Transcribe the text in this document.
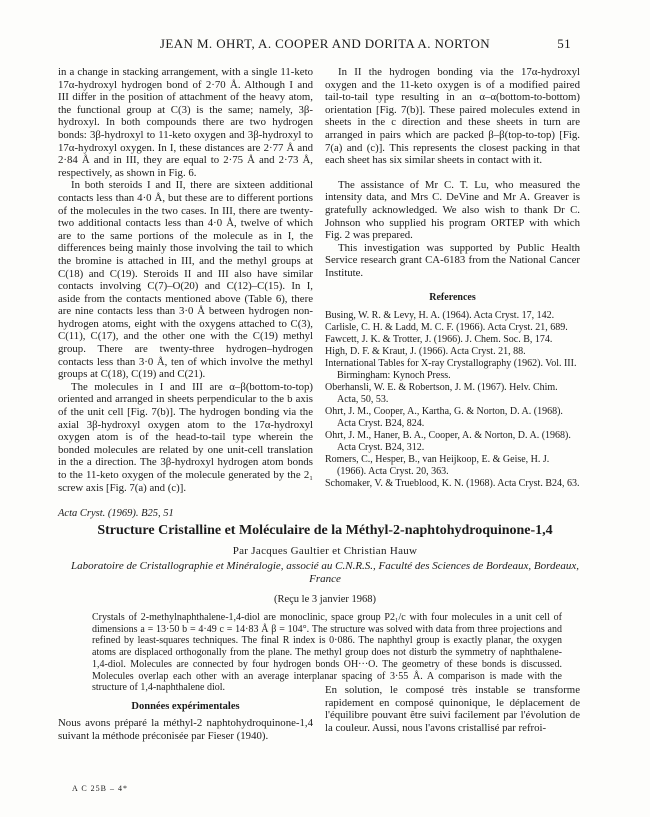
JEAN M. OHRT, A. COOPER AND DORITA A. NORTON	51

in a change in stacking arrangement, with a single 11-keto 17α-hydroxyl hydrogen bond of 2·70 Å. Although I and III differ in the position of attachment of the heavy atom, the functional group at C(3) is the same; namely, 3β-hydroxyl. In both compounds there are two hydrogen bonds: 3β-hydroxyl to 11-keto oxygen and 3β-hydroxyl to 17α-hydroxyl oxygen. In I, these distances are 2·77 Å and 2·84 Å and in III, they are equal to 2·75 Å and 2·73 Å, respectively, as shown in Fig. 6.

In both steroids I and II, there are sixteen additional contacts less than 4·0 Å, but these are to different portions of the molecules in the two cases. In III, there are twenty-two additional contacts less than 4·0 Å, twelve of which are to the same portions of the molecule as in I, the differences being mainly those involving the tail to which the bromine is attached in III, and the methyl groups at C(18) and C(19). Steroids II and III also have similar contacts involving C(7)–O(20) and C(12)–C(15). In I, aside from the contacts mentioned above (Table 6), there are nine contacts less than 3·0 Å between hydrogen non-hydrogen atoms, eight with the oxygens attached to C(3), C(11), C(17), and the other one with the C(19) methyl group. There are twenty-three hydrogen–hydrogen contacts less than 3·0 Å, ten of which involve the methyl groups at C(18), C(19) and C(21).

The molecules in I and III are α–β(bottom-to-top) oriented and arranged in sheets perpendicular to the b axis of the unit cell [Fig. 7(b)]. The hydrogen bonding via the axial 3β-hydroxyl oxygen atom to the 17α-hydroxyl oxygen atom is of the head-to-tail type wherein the bonded molecules are related by one unit-cell translation in the a direction. The 3β-hydroxyl hydrogen atom bonds to the 11-keto oxygen of the molecule generated by the 2₁ screw axis [Fig. 7(a) and (c)].

In II the hydrogen bonding via the 17α-hydroxyl oxygen and the 11-keto oxygen is of a modified paired tail-to-tail type resulting in an α–α(bottom-to-bottom) orientation [Fig. 7(b)]. These paired molecules extend in sheets in the c direction and these sheets in turn are arranged in pairs which are packed β–β(top-to-top) [Fig. 7(a) and (c)]. This represents the closest packing in that each sheet has six similar sheets in contact with it.

The assistance of Mr C. T. Lu, who measured the intensity data, and Mrs C. DeVine and Mr A. Greaver is gratefully acknowledged. We also wish to thank Dr C. Johnson who supplied his program ORTEP with which Fig. 2 was prepared.

This investigation was supported by Public Health Service research grant CA-6183 from the National Cancer Institute.

References
Busing, W. R. & Levy, H. A. (1964). Acta Cryst. 17, 142.
Carlisle, C. H. & Ladd, M. C. F. (1966). Acta Cryst. 21, 689.
Fawcett, J. K. & Trotter, J. (1966). J. Chem. Soc. B, 174.
High, D. F. & Kraut, J. (1966). Acta Cryst. 21, 88.
International Tables for X-ray Crystallography (1962). Vol. III. Birmingham: Kynoch Press.
Oberhansli, W. E. & Robertson, J. M. (1967). Helv. Chim. Acta, 50, 53.
Ohrt, J. M., Cooper, A., Kartha, G. & Norton, D. A. (1968). Acta Cryst. B24, 824.
Ohrt, J. M., Haner, B. A., Cooper, A. & Norton, D. A. (1968). Acta Cryst. B24, 312.
Romers, C., Hesper, B., van Heijkoop, E. & Geise, H. J. (1966). Acta Cryst. 20, 363.
Schomaker, V. & Trueblood, K. N. (1968). Acta Cryst. B24, 63.
Acta Cryst. (1969). B25, 51
Structure Cristalline et Moléculaire de la Méthyl-2-naphtohydroquinone-1,4
Par Jacques Gaultier et Christian Hauw
Laboratoire de Cristallographie et Minéralogie, associé au C.N.R.S., Faculté des Sciences de Bordeaux, Bordeaux, France
(Reçu le 3 janvier 1968)
Crystals of 2-methylnaphthalene-1,4-diol are monoclinic, space group P2₁/c with four molecules in a unit cell of dimensions a = 13·50 b = 4·49 c = 14·83 Å β = 104°. The structure was solved with data from three projections and refined by least-squares techniques. The final R index is 0·086. The naphthyl group is exactly planar, the oxygen atoms are displaced orthogonally from the plane. The methyl group does not disturb the symmetry of naphthalene-1,4-diol. Molecules are connected by four hydrogen bonds OH···O. The geometry of these bonds is discussed. Molecules overlap each other with an average interplanar spacing of 3·55 Å. A comparison is made with the structure of 1,4-naphthalene diol.
Données expérimentales

Nous avons préparé la méthyl-2 naphtohydroquinone-1,4 suivant la méthode préconisée par Fieser (1940).

En solution, le composé très instable se transforme rapidement en composé quinonique, le déplacement de l'équilibre pouvant être suivi facilement par l'évolution de la couleur. Aussi, nous l'avons cristallisé par refroi-

A C 25B – 4*
